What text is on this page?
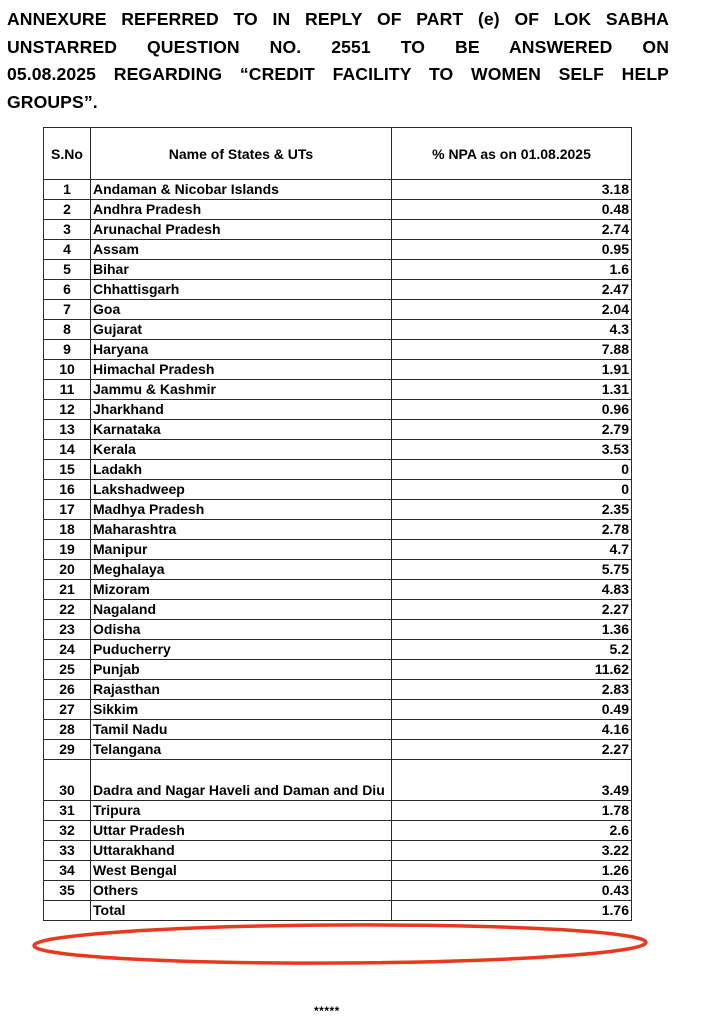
ANNEXURE REFERRED TO IN REPLY OF PART (e) OF LOK SABHA
UNSTARRED QUESTION NO. 2551 TO BE ANSWERED ON
05.08.2025 REGARDING “CREDIT FACILITY TO WOMEN SELF HELP
GROUPS”.
S.No	Name of States & UTs	% NPA as on 01.08.2025
1	Andaman & Nicobar Islands	3.18
2	Andhra Pradesh	0.48
3	Arunachal Pradesh	2.74
4	Assam	0.95
5	Bihar	1.6
6	Chhattisgarh	2.47
7	Goa	2.04
8	Gujarat	4.3
9	Haryana	7.88
10	Himachal Pradesh	1.91
11	Jammu & Kashmir	1.31
12	Jharkhand	0.96
13	Karnataka	2.79
14	Kerala	3.53
15	Ladakh	0
16	Lakshadweep	0
17	Madhya Pradesh	2.35
18	Maharashtra	2.78
19	Manipur	4.7
20	Meghalaya	5.75
21	Mizoram	4.83
22	Nagaland	2.27
23	Odisha	1.36
24	Puducherry	5.2
25	Punjab	11.62
26	Rajasthan	2.83
27	Sikkim	0.49
28	Tamil Nadu	4.16
29	Telangana	2.27
30	Dadra and Nagar Haveli and Daman and Diu	3.49
31	Tripura	1.78
32	Uttar Pradesh	2.6
33	Uttarakhand	3.22
34	West Bengal	1.26
35	Others	0.43
	Total	1.76
*****
